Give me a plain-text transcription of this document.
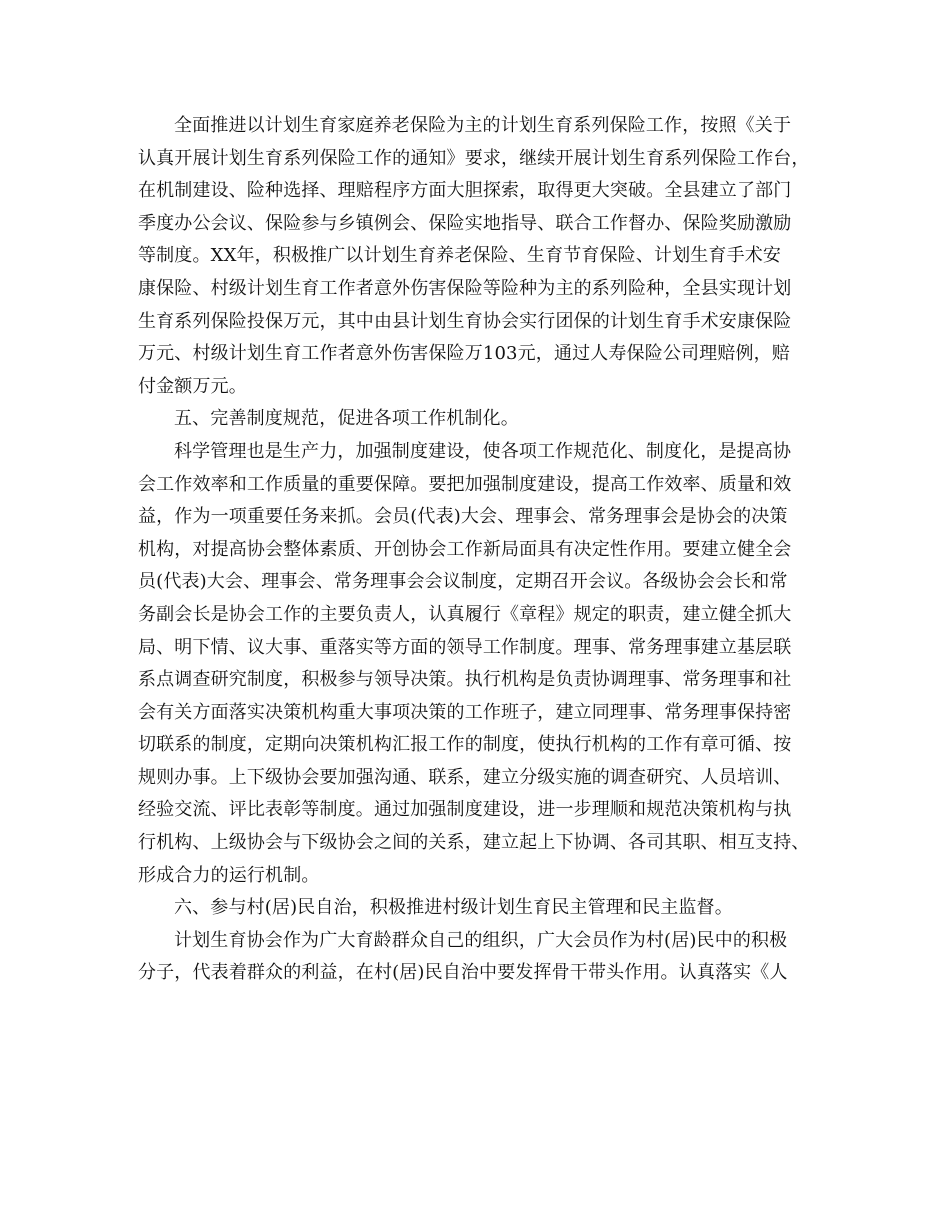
全面推进以计划生育家庭养老保险为主的计划生育系列保险工作，按照《关于
认真开展计划生育系列保险工作的通知》要求，继续开展计划生育系列保险工作台，
在机制建设、险种选择、理赔程序方面大胆探索，取得更大突破。全县建立了部门
季度办公会议、保险参与乡镇例会、保险实地指导、联合工作督办、保险奖励激励
等制度。XX年，积极推广以计划生育养老保险、生育节育保险、计划生育手术安
康保险、村级计划生育工作者意外伤害保险等险种为主的系列险种，全县实现计划
生育系列保险投保万元，其中由县计划生育协会实行团保的计划生育手术安康保险
万元、村级计划生育工作者意外伤害保险万103元，通过人寿保险公司理赔例，赔
付金额万元。
五、完善制度规范，促进各项工作机制化。
科学管理也是生产力，加强制度建设，使各项工作规范化、制度化，是提高协
会工作效率和工作质量的重要保障。要把加强制度建设，提高工作效率、质量和效
益，作为一项重要任务来抓。会员(代表)大会、理事会、常务理事会是协会的决策
机构，对提高协会整体素质、开创协会工作新局面具有决定性作用。要建立健全会
员(代表)大会、理事会、常务理事会会议制度，定期召开会议。各级协会会长和常
务副会长是协会工作的主要负责人，认真履行《章程》规定的职责，建立健全抓大
局、明下情、议大事、重落实等方面的领导工作制度。理事、常务理事建立基层联
系点调查研究制度，积极参与领导决策。执行机构是负责协调理事、常务理事和社
会有关方面落实决策机构重大事项决策的工作班子，建立同理事、常务理事保持密
切联系的制度，定期向决策机构汇报工作的制度，使执行机构的工作有章可循、按
规则办事。上下级协会要加强沟通、联系，建立分级实施的调查研究、人员培训、
经验交流、评比表彰等制度。通过加强制度建设，进一步理顺和规范决策机构与执
行机构、上级协会与下级协会之间的关系，建立起上下协调、各司其职、相互支持、
形成合力的运行机制。
六、参与村(居)民自治，积极推进村级计划生育民主管理和民主监督。
计划生育协会作为广大育龄群众自己的组织，广大会员作为村(居)民中的积极
分子，代表着群众的利益，在村(居)民自治中要发挥骨干带头作用。认真落实《人
